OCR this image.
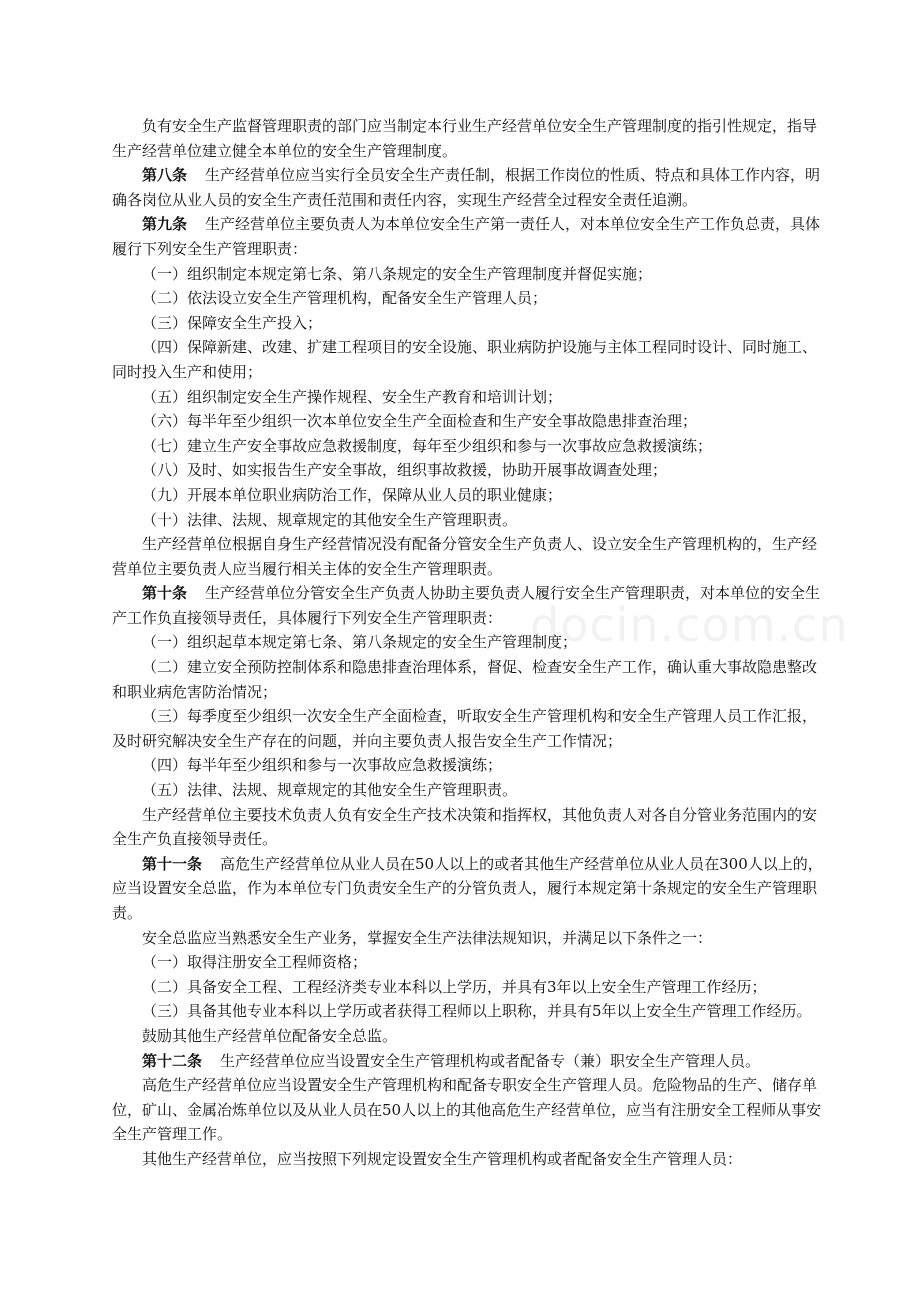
负有安全生产监督管理职责的部门应当制定本行业生产经营单位安全生产管理制度的指引性规定，指导生产经营单位建立健全本单位的安全生产管理制度。

第八条 生产经营单位应当实行全员安全生产责任制，根据工作岗位的性质、特点和具体工作内容，明确各岗位从业人员的安全生产责任范围和责任内容，实现生产经营全过程安全责任追溯。

第九条 生产经营单位主要负责人为本单位安全生产第一责任人，对本单位安全生产工作负总责，具体履行下列安全生产管理职责：

（一）组织制定本规定第七条、第八条规定的安全生产管理制度并督促实施；

（二）依法设立安全生产管理机构，配备安全生产管理人员；

（三）保障安全生产投入；

（四）保障新建、改建、扩建工程项目的安全设施、职业病防护设施与主体工程同时设计、同时施工、同时投入生产和使用；

（五）组织制定安全生产操作规程、安全生产教育和培训计划；

（六）每半年至少组织一次本单位安全生产全面检查和生产安全事故隐患排查治理；

（七）建立生产安全事故应急救援制度，每年至少组织和参与一次事故应急救援演练；

（八）及时、如实报告生产安全事故，组织事故救援，协助开展事故调查处理；

（九）开展本单位职业病防治工作，保障从业人员的职业健康；

（十）法律、法规、规章规定的其他安全生产管理职责。

生产经营单位根据自身生产经营情况没有配备分管安全生产负责人、设立安全生产管理机构的，生产经营单位主要负责人应当履行相关主体的安全生产管理职责。

第十条 生产经营单位分管安全生产负责人协助主要负责人履行安全生产管理职责，对本单位的安全生产工作负直接领导责任，具体履行下列安全生产管理职责：

（一）组织起草本规定第七条、第八条规定的安全生产管理制度；

（二）建立安全预防控制体系和隐患排查治理体系，督促、检查安全生产工作，确认重大事故隐患整改和职业病危害防治情况；

（三）每季度至少组织一次安全生产全面检查，听取安全生产管理机构和安全生产管理人员工作汇报，及时研究解决安全生产存在的问题，并向主要负责人报告安全生产工作情况；

（四）每半年至少组织和参与一次事故应急救援演练；

（五）法律、法规、规章规定的其他安全生产管理职责。

生产经营单位主要技术负责人负有安全生产技术决策和指挥权，其他负责人对各自分管业务范围内的安全生产负直接领导责任。

第十一条 高危生产经营单位从业人员在50人以上的或者其他生产经营单位从业人员在300人以上的，应当设置安全总监，作为本单位专门负责安全生产的分管负责人，履行本规定第十条规定的安全生产管理职责。

安全总监应当熟悉安全生产业务，掌握安全生产法律法规知识，并满足以下条件之一：

（一）取得注册安全工程师资格；

（二）具备安全工程、工程经济类专业本科以上学历，并具有3年以上安全生产管理工作经历；

（三）具备其他专业本科以上学历或者获得工程师以上职称，并具有5年以上安全生产管理工作经历。

鼓励其他生产经营单位配备安全总监。

第十二条 生产经营单位应当设置安全生产管理机构或者配备专（兼）职安全生产管理人员。

高危生产经营单位应当设置安全生产管理机构和配备专职安全生产管理人员。危险物品的生产、储存单位，矿山、金属冶炼单位以及从业人员在50人以上的其他高危生产经营单位，应当有注册安全工程师从事安全生产管理工作。

其他生产经营单位，应当按照下列规定设置安全生产管理机构或者配备安全生产管理人员：

docin.com.cn
